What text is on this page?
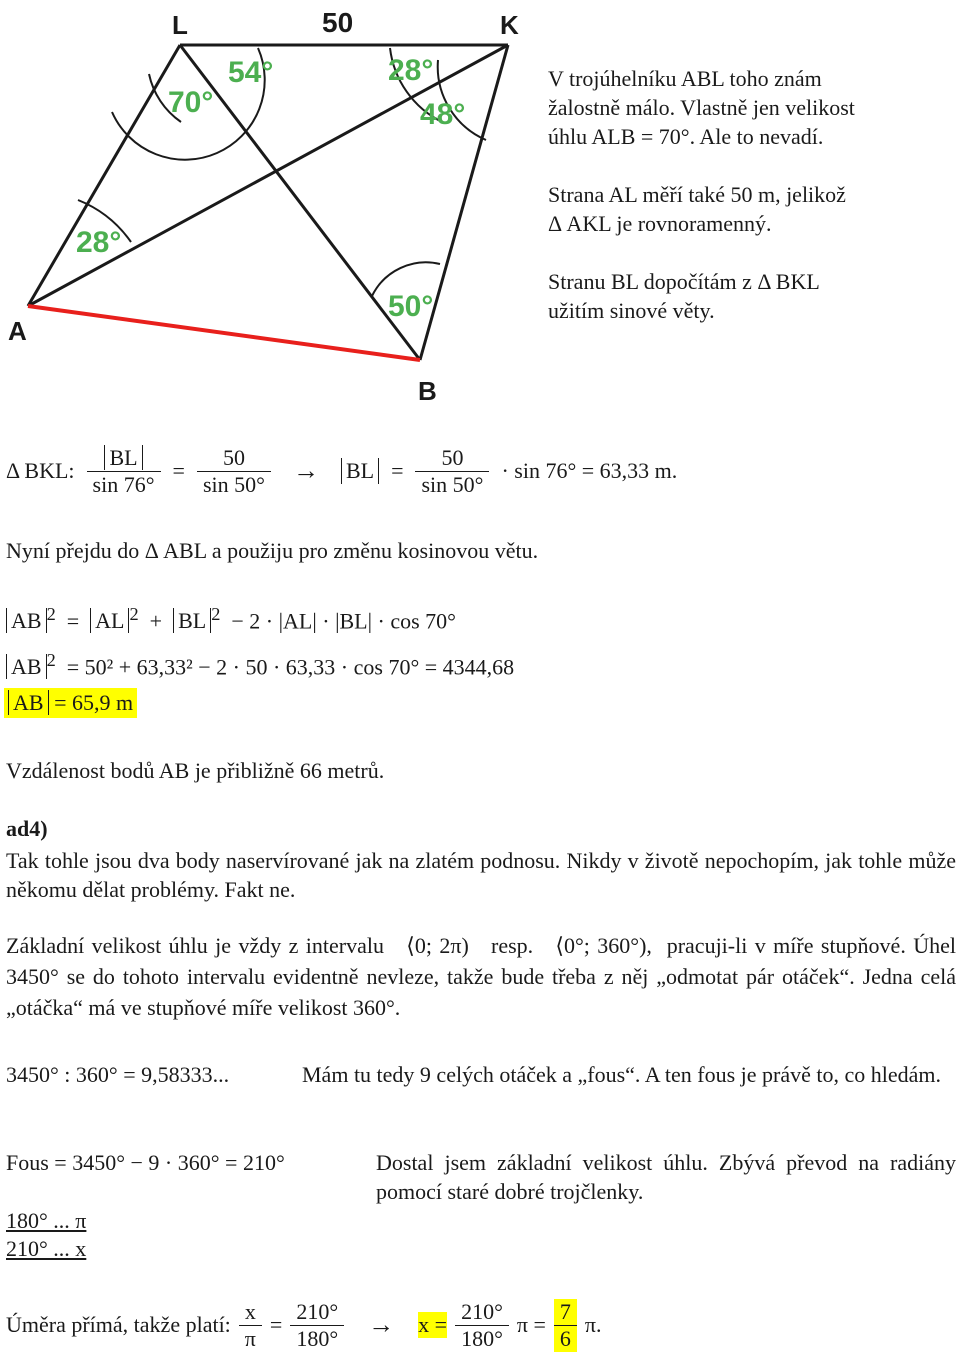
L	K
A
B
50
70°
54°	28°
48°
28°
50°
V trojúhelníku ABL toho znám
žalostně málo. Vlastně jen velikost
úhlu ALB = 70°. Ale to nevadí.
Strana AL měří také 50 m, jelikož
Δ AKL je rovnoramenný.
Stranu BL dopočítám z Δ BKL
užitím sinové věty.
Δ BKL: $\frac{BL}{\sin 76^\circ} = \frac{50}{\sin 50^\circ}$ → BL = $\frac{50}{\sin 50^\circ} \cdot \sin 76^\circ = 63,33$ m.
Nyní přejdu do Δ ABL a použiju pro změnu kosinovou větu.
AB $^2$  =  AL $^2$  +  BL $^2$ − 2 · |AL| · |BL| · cos 70°
AB $^2$ = 50² + 63,33² − 2 · 50 · 63,33 · cos 70° = 4344,68
AB = 65,9 m
Vzdálenost bodů AB je přibližně 66 metrů.
ad4)
Tak tohle jsou dva body naservírované jak na zlatém podnosu. Nikdy v životě nepochopím, jak tohle může někomu dělat problémy. Fakt ne.
Základní velikost úhlu je vždy z intervalu ⟨0; 2π) resp. ⟨0°; 360°), pracuji-li v míře stupňové. Úhel 3450° se do tohoto intervalu evidentně nevleze, takže bude třeba z něj „odmotat pár otáček“. Jedna celá „otáčka“ má ve stupňové míře velikost 360°.
3450° : 360° = 9,58333...	Mám tu tedy 9 celých otáček a „fous“. A ten fous je právě to, co hledám.
Fous = 3450° − 9 · 360° = 210°	Dostal jsem základní velikost úhlu. Zbývá převod na radiány pomocí staré dobré trojčlenky.
180° ... π
210° ... x
Úměra přímá, takže platí: $\frac{x}{\pi} = \frac{210^\circ}{180^\circ} \to x = \frac{210^\circ}{180^\circ}$ $\pi = \frac{7}{6} \pi$.
